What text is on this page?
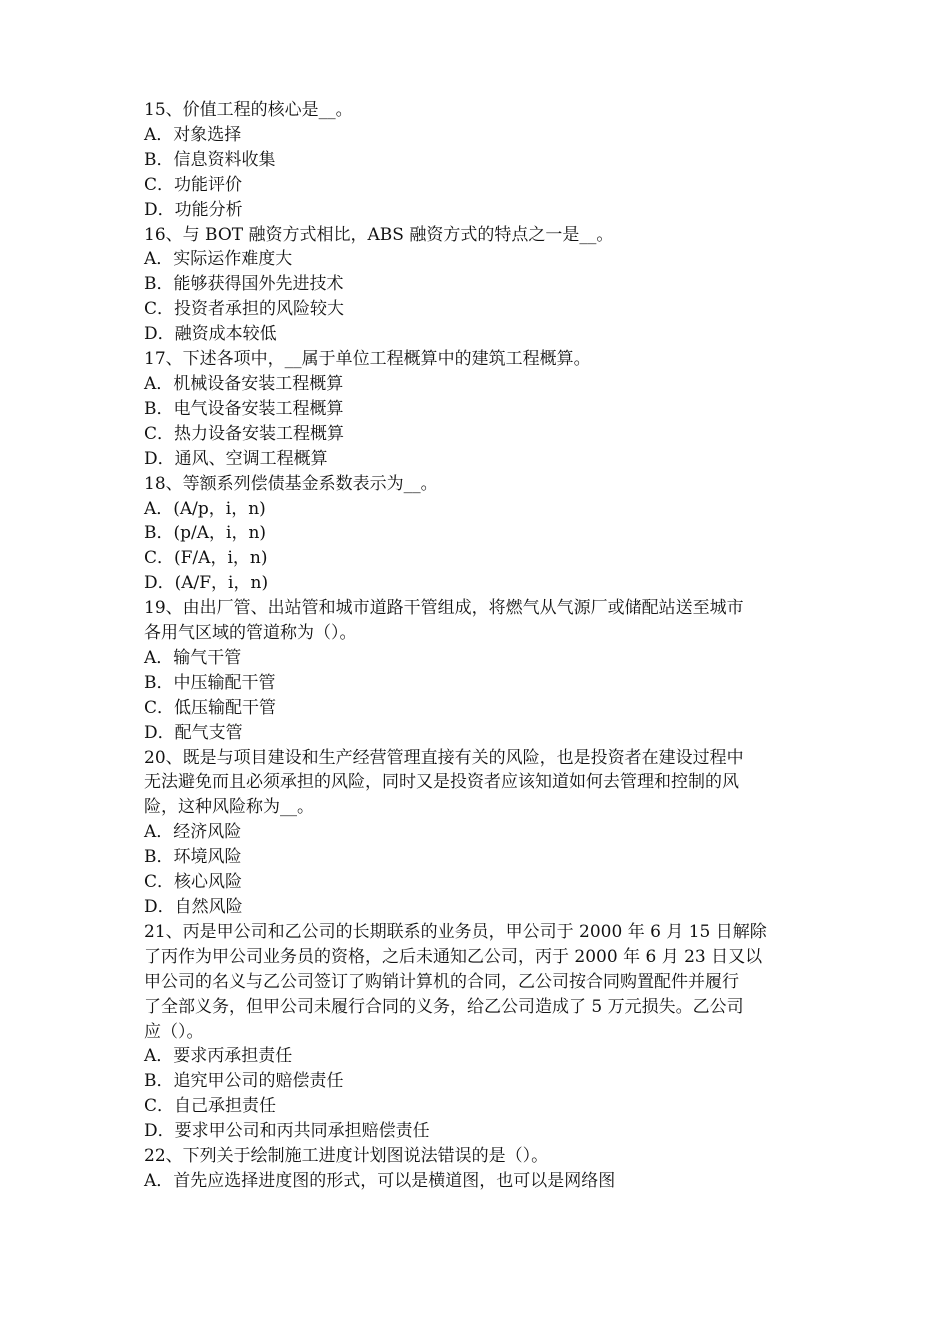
15、价值工程的核心是__。

A．对象选择

B．信息资料收集

C．功能评价

D．功能分析

16、与 BOT 融资方式相比，ABS 融资方式的特点之一是__。

A．实际运作难度大

B．能够获得国外先进技术

C．投资者承担的风险较大

D．融资成本较低

17、下述各项中，__属于单位工程概算中的建筑工程概算。

A．机械设备安装工程概算

B．电气设备安装工程概算

C．热力设备安装工程概算

D．通风、空调工程概算

18、等额系列偿债基金系数表示为__。

A．(A/p，i，n)

B．(p/A，i，n)

C．(F/A，i，n)

D．(A/F，i，n)

19、由出厂管、出站管和城市道路干管组成，将燃气从气源厂或储配站送至城市

各用气区域的管道称为（）。

A．输气干管

B．中压输配干管

C．低压输配干管

D．配气支管

20、既是与项目建设和生产经营管理直接有关的风险，也是投资者在建设过程中

无法避免而且必须承担的风险，同时又是投资者应该知道如何去管理和控制的风

险，这种风险称为__。

A．经济风险

B．环境风险

C．核心风险

D．自然风险

21、丙是甲公司和乙公司的长期联系的业务员，甲公司于 2000 年 6 月 15 日解除

了丙作为甲公司业务员的资格，之后未通知乙公司，丙于 2000 年 6 月 23 日又以

甲公司的名义与乙公司签订了购销计算机的合同，乙公司按合同购置配件并履行

了全部义务，但甲公司未履行合同的义务，给乙公司造成了 5 万元损失。乙公司

应（）。

A．要求丙承担责任

B．追究甲公司的赔偿责任

C．自己承担责任

D．要求甲公司和丙共同承担赔偿责任

22、下列关于绘制施工进度计划图说法错误的是（）。

A．首先应选择进度图的形式，可以是横道图，也可以是网络图
